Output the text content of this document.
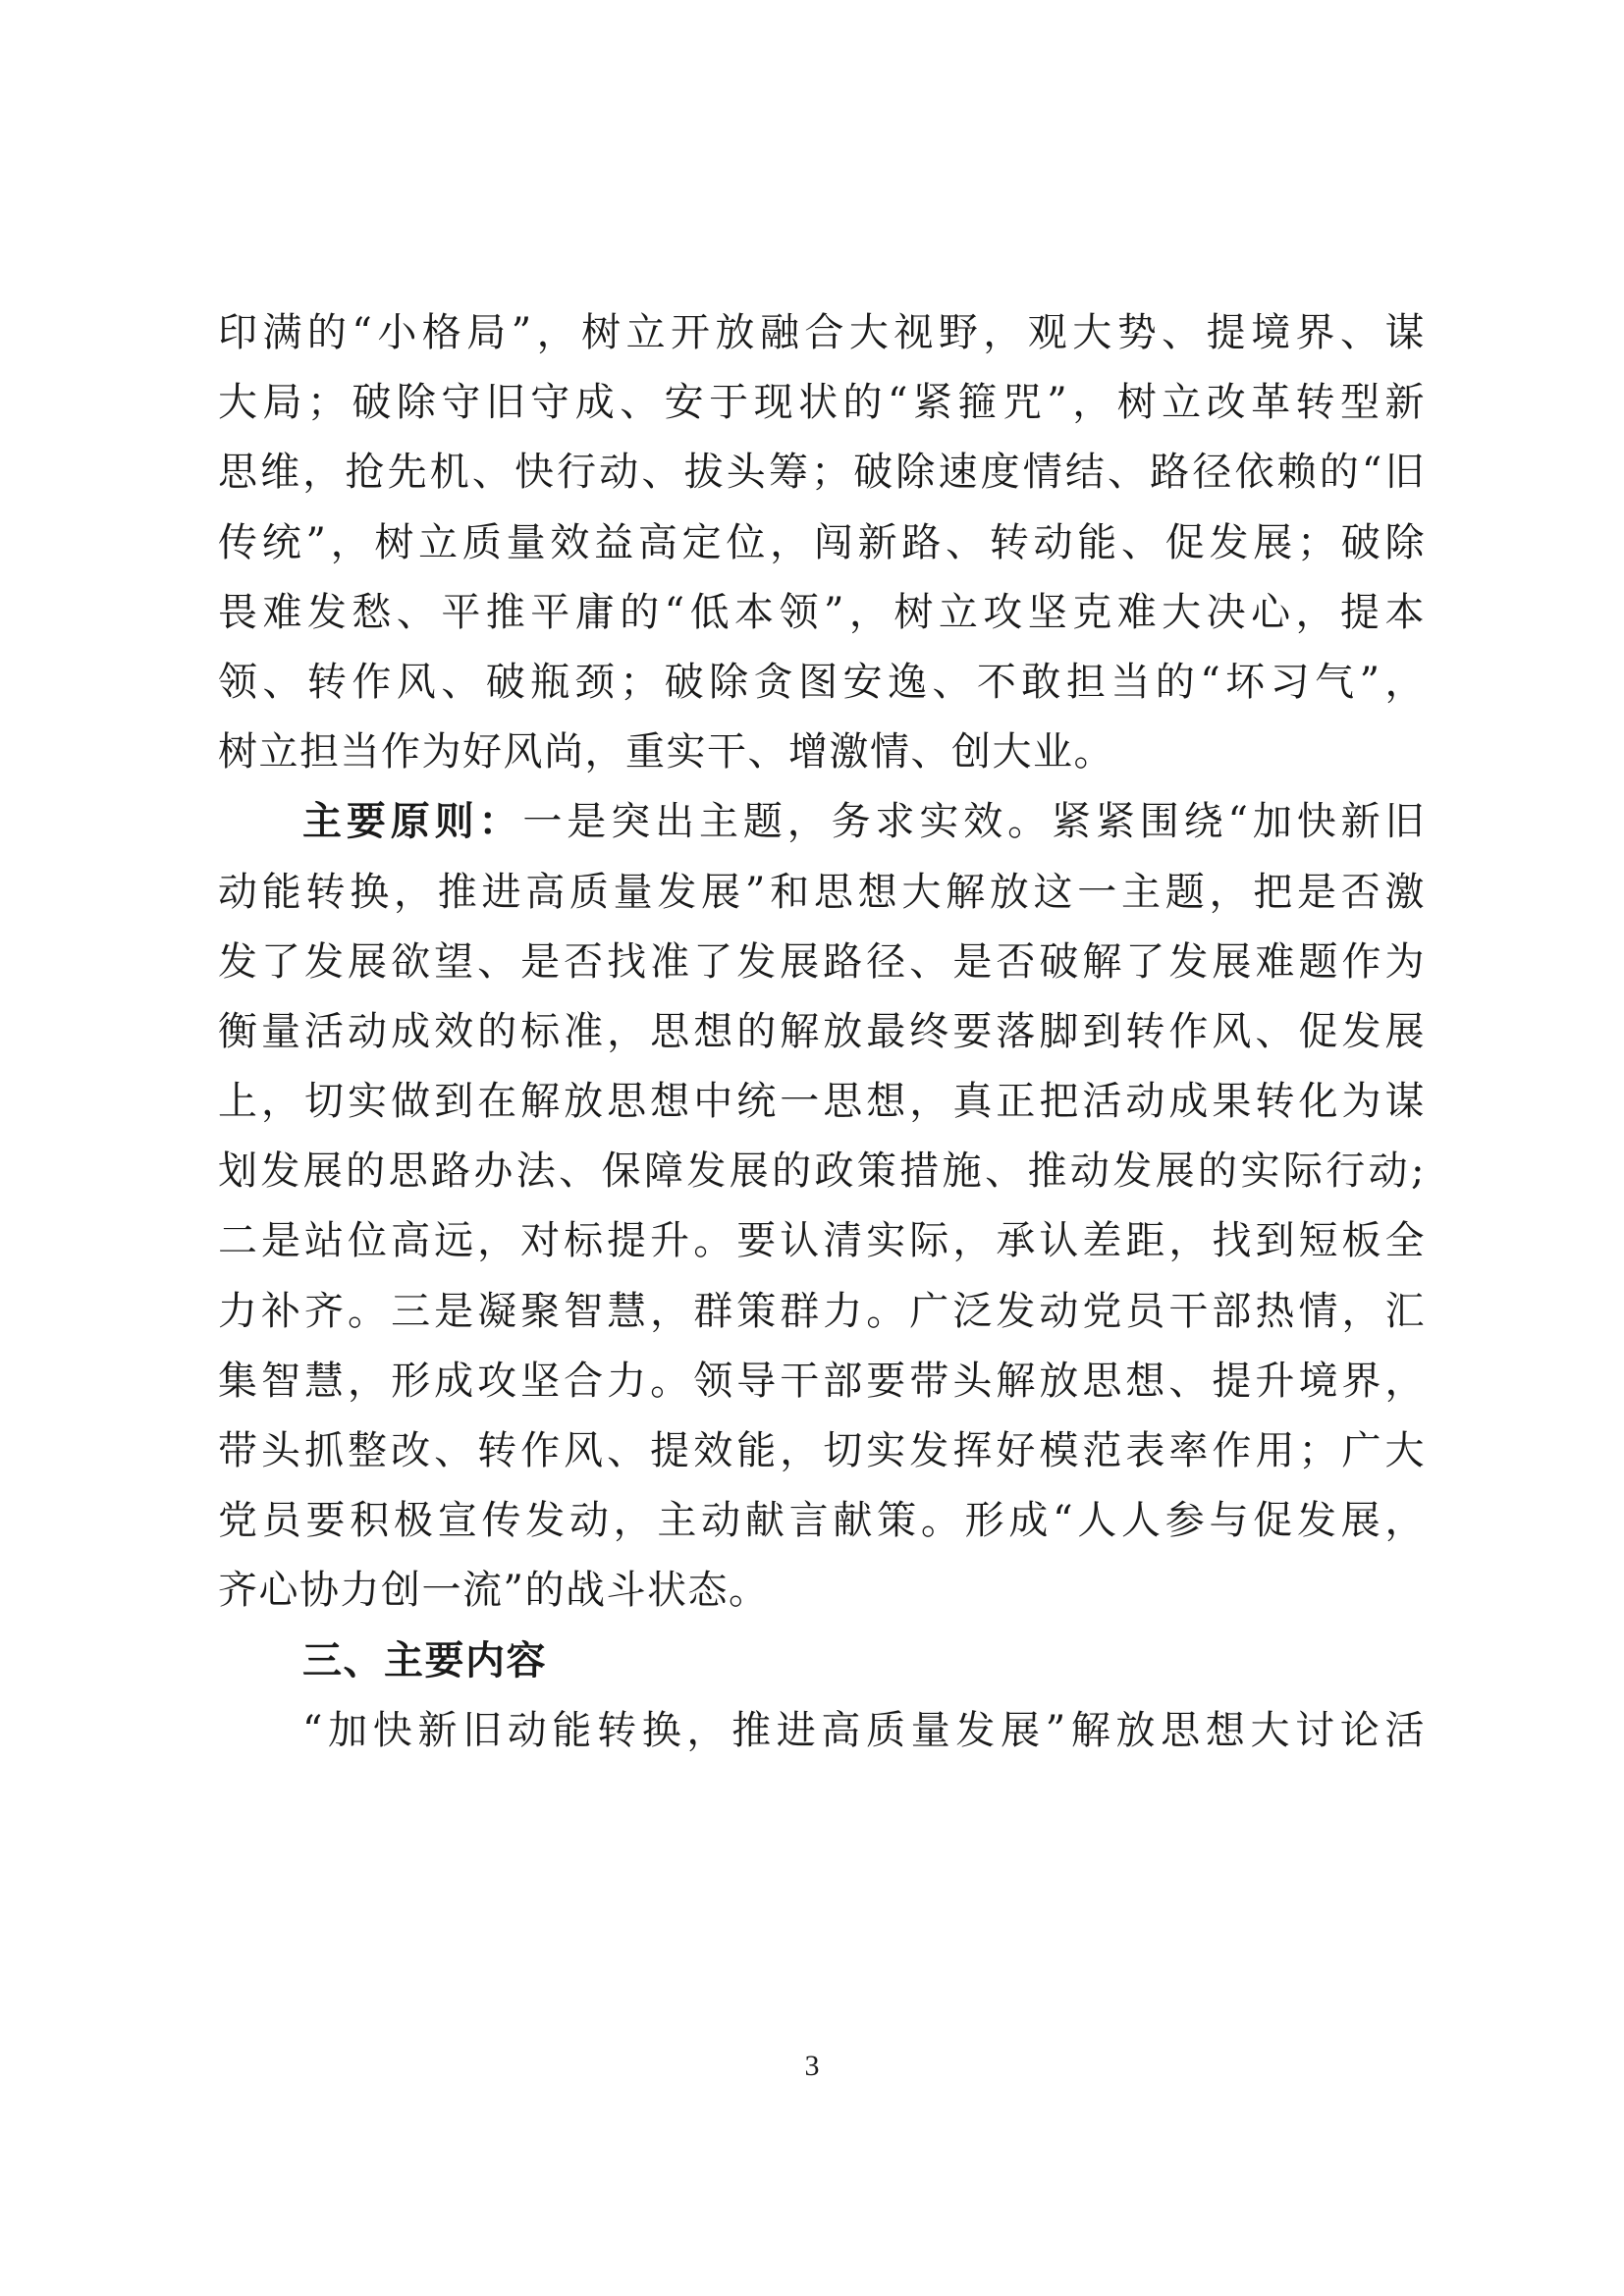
印满的“小格局”，树立开放融合大视野，观大势、提境界、谋
大局；破除守旧守成、安于现状的“紧箍咒”，树立改革转型新
思维，抢先机、快行动、拔头筹；破除速度情结、路径依赖的“旧
传统”，树立质量效益高定位，闯新路、转动能、促发展；破除
畏难发愁、平推平庸的“低本领”，树立攻坚克难大决心，提本
领、转作风、破瓶颈；破除贪图安逸、不敢担当的“坏习气”，
树立担当作为好风尚，重实干、增激情、创大业。
主要原则：一是突出主题，务求实效。紧紧围绕“加快新旧
动能转换，推进高质量发展”和思想大解放这一主题，把是否激
发了发展欲望、是否找准了发展路径、是否破解了发展难题作为
衡量活动成效的标准，思想的解放最终要落脚到转作风、促发展
上，切实做到在解放思想中统一思想，真正把活动成果转化为谋
划发展的思路办法、保障发展的政策措施、推动发展的实际行动;
二是站位高远，对标提升。要认清实际，承认差距，找到短板全
力补齐。三是凝聚智慧，群策群力。广泛发动党员干部热情，汇
集智慧，形成攻坚合力。领导干部要带头解放思想、提升境界，
带头抓整改、转作风、提效能，切实发挥好模范表率作用；广大
党员要积极宣传发动，主动献言献策。形成“人人参与促发展，
齐心协力创一流”的战斗状态。
三、主要内容
“加快新旧动能转换，推进高质量发展”解放思想大讨论活
3
